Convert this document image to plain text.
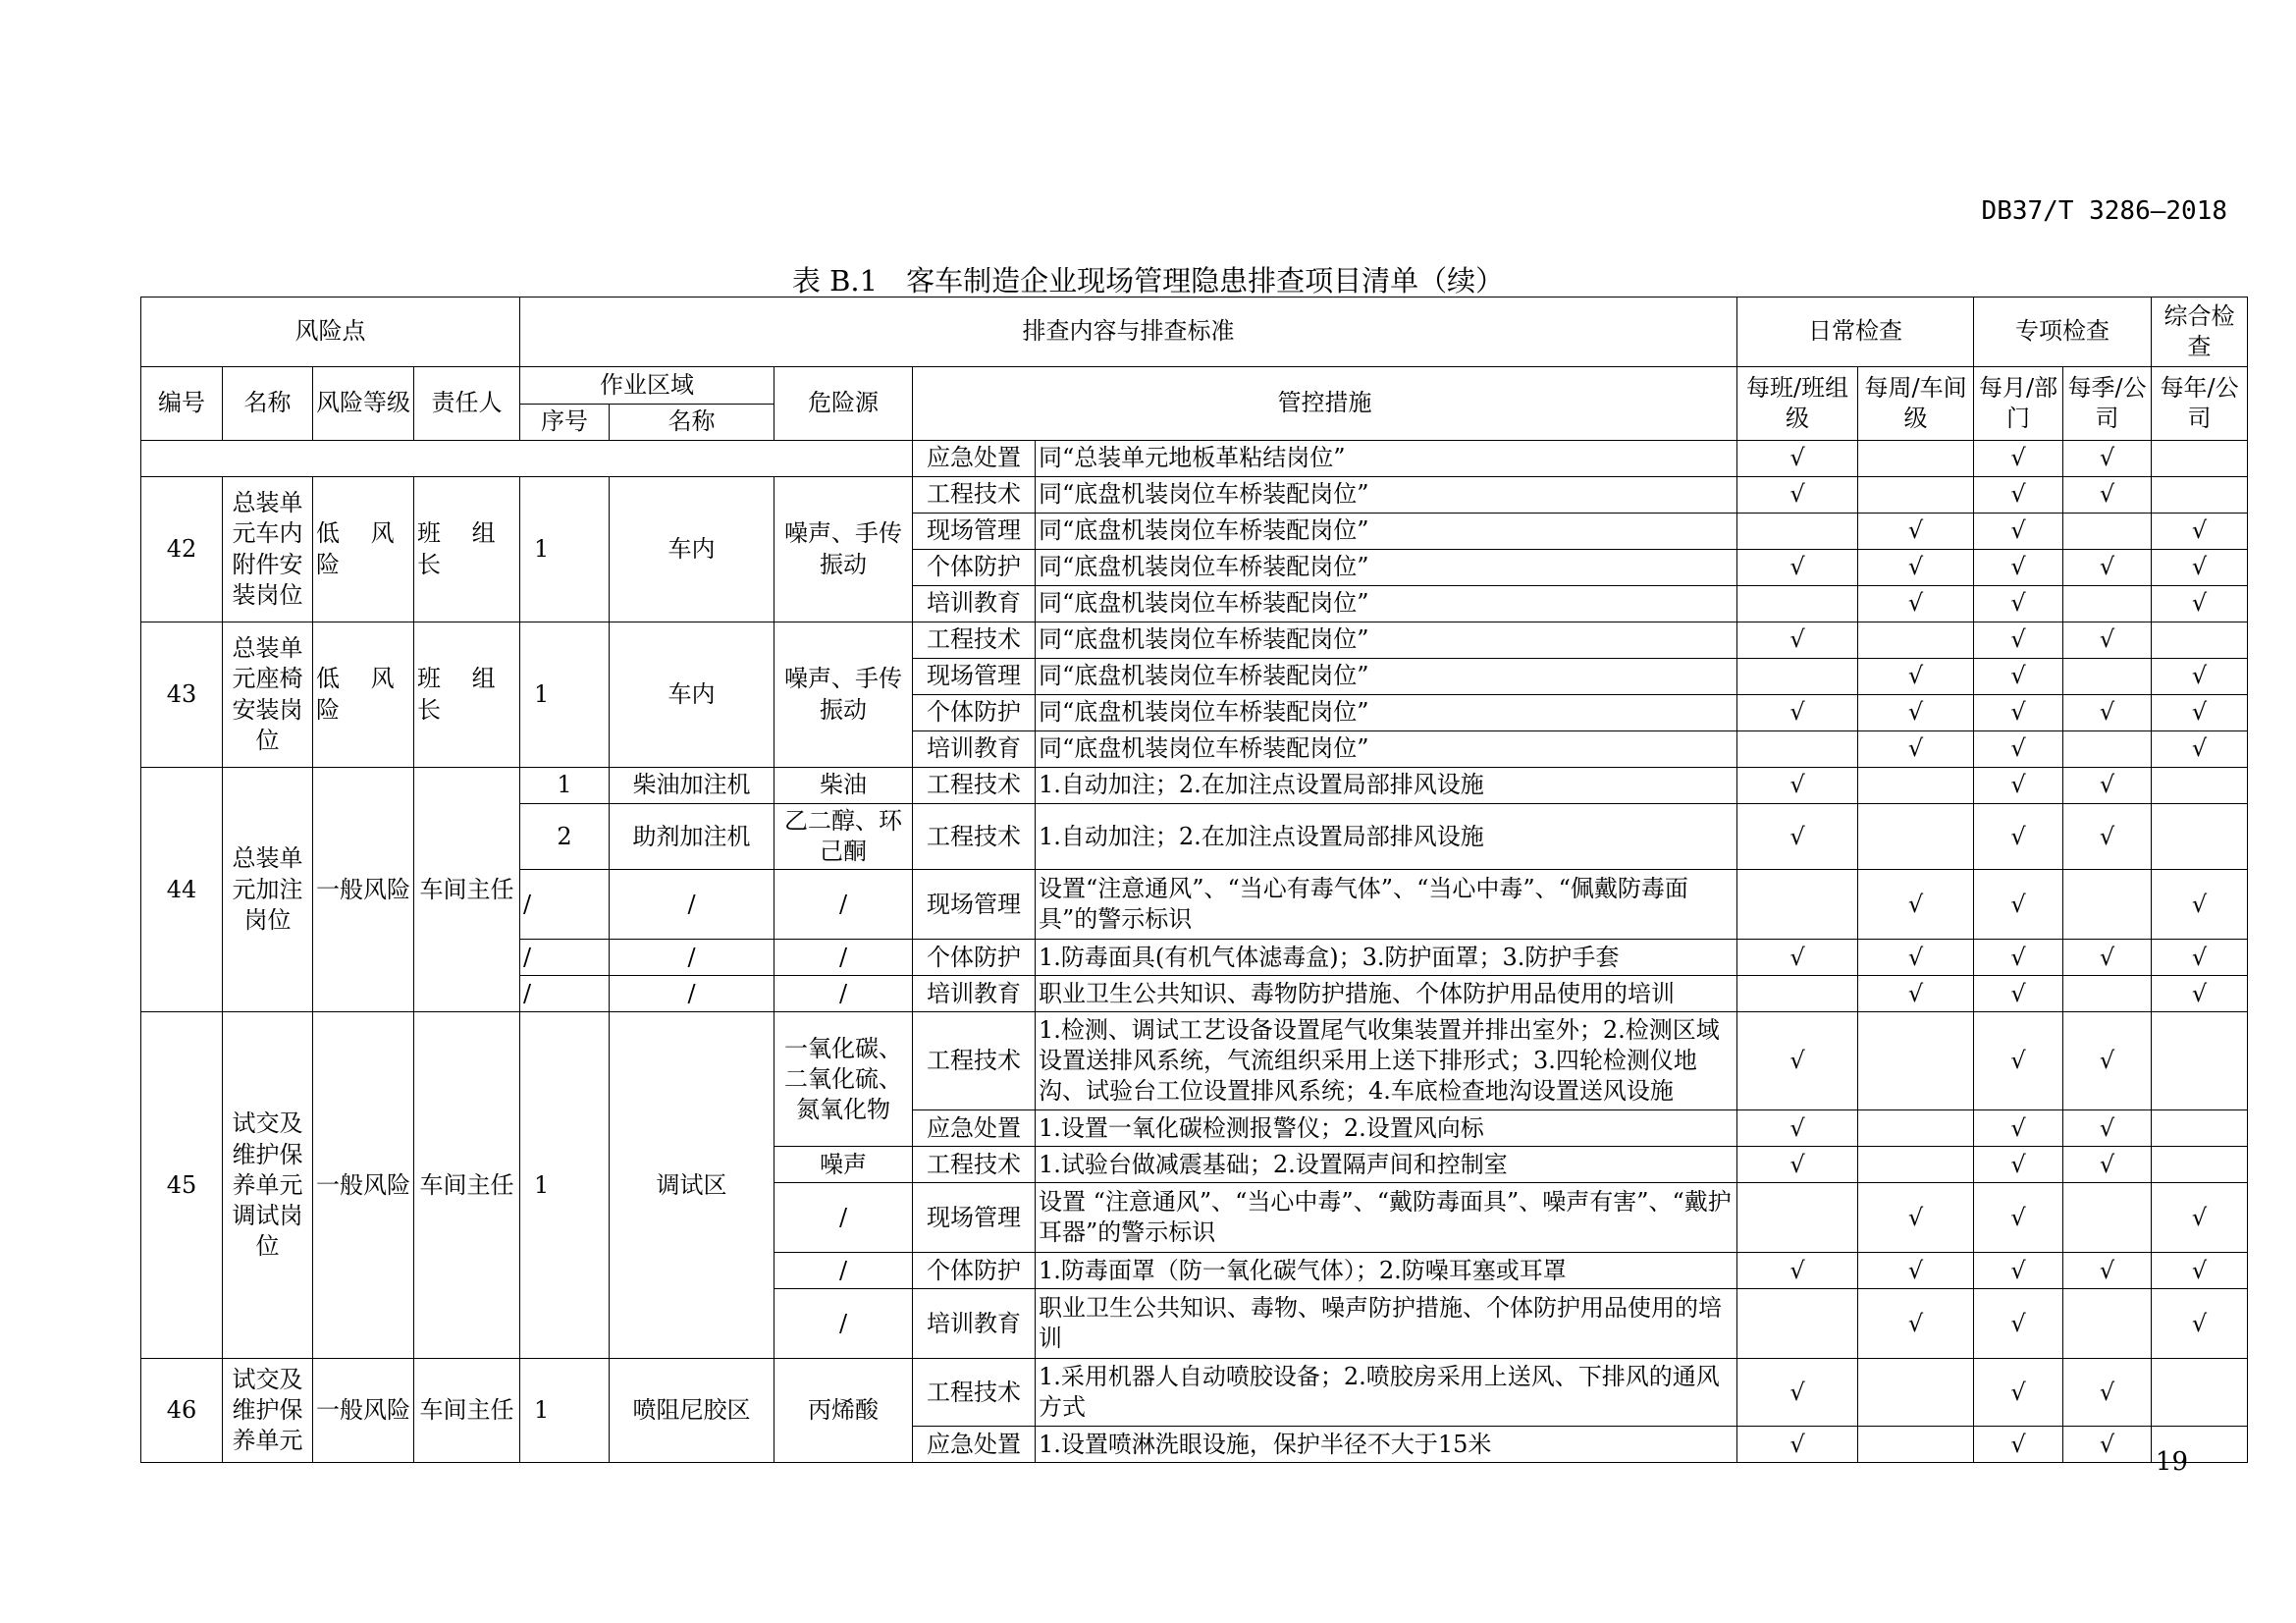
DB37/T 3286—2018
表 B.1　客车制造企业现场管理隐患排查项目清单（续）
风险点				排查内容与排查标准					日常检查		专项检查		综合检查
编号	名称	风险等级	责任人	作业区域		危险源	管控措施		每班/班组级	每周/车间级	每月/部门	每季/公司	每年/公司
				序号	名称								
							应急处置	同“总装单元地板革粘结岗位”	√		√	√	
42	总装单元车内附件安装岗位	低 风 险	班 组 长	1	车内	噪声、手传振动	工程技术	同“底盘机装岗位车桥装配岗位”	√		√	√	
							现场管理	同“底盘机装岗位车桥装配岗位”		√	√		√
							个体防护	同“底盘机装岗位车桥装配岗位”	√	√	√	√	√
							培训教育	同“底盘机装岗位车桥装配岗位”		√	√		√
43	总装单元座椅安装岗位	低 风 险	班 组 长	1	车内	噪声、手传振动	工程技术	同“底盘机装岗位车桥装配岗位”	√		√	√	
							现场管理	同“底盘机装岗位车桥装配岗位”		√	√		√
							个体防护	同“底盘机装岗位车桥装配岗位”	√	√	√	√	√
							培训教育	同“底盘机装岗位车桥装配岗位”		√	√		√
44	总装单元加注岗位	一般风险	车间主任	1	柴油加注机	柴油	工程技术	1.自动加注；2.在加注点设置局部排风设施	√		√	√	
				2	助剂加注机	乙二醇、环己酮	工程技术	1.自动加注；2.在加注点设置局部排风设施	√		√	√	
				/	/	/	现场管理	设置“注意通风”、“当心有毒气体”、“当心中毒”、“佩戴防毒面具”的警示标识		√	√		√
				/	/	/	个体防护	1.防毒面具(有机气体滤毒盒)；3.防护面罩；3.防护手套	√	√	√	√	√
				/	/	/	培训教育	职业卫生公共知识、毒物防护措施、个体防护用品使用的培训		√	√		√
45	试交及维护保养单元调试岗位	一般风险	车间主任	1	调试区	一氧化碳、二氧化硫、氮氧化物	工程技术	1.检测、调试工艺设备设置尾气收集装置并排出室外；2.检测区域设置送排风系统，气流组织采用上送下排形式；3.四轮检测仪地沟、试验台工位设置排风系统；4.车底检查地沟设置送风设施	√		√	√	
							应急处置	1.设置一氧化碳检测报警仪；2.设置风向标	√		√	√	
						噪声	工程技术	1.试验台做减震基础；2.设置隔声间和控制室	√		√	√	
						/	现场管理	设置 “注意通风”、“当心中毒”、“戴防毒面具”、噪声有害”、“戴护耳器”的警示标识		√	√		√
						/	个体防护	1.防毒面罩（防一氧化碳气体）；2.防噪耳塞或耳罩	√	√	√	√	√
						/	培训教育	职业卫生公共知识、毒物、噪声防护措施、个体防护用品使用的培训		√	√		√
46	试交及维护保养单元	一般风险	车间主任	1	喷阻尼胶区	丙烯酸	工程技术	1.采用机器人自动喷胶设备；2.喷胶房采用上送风、下排风的通风方式	√		√	√	
							应急处置	1.设置喷淋洗眼设施，保护半径不大于15米	√		√	√	
19
